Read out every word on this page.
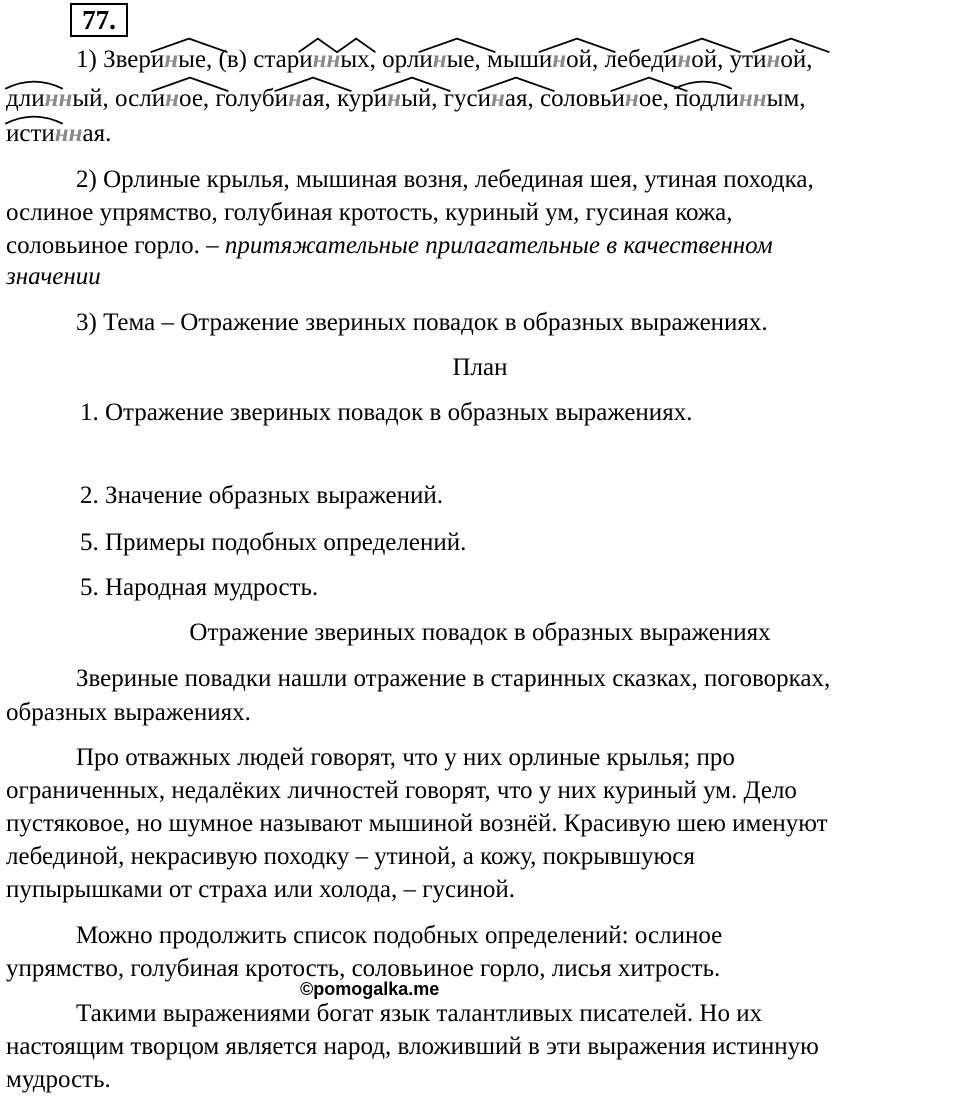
77.
1) Зверин
ые, (в) старинн
ых, орлин
ые, мышин
ой, лебедин
ой, утин
ой,
длинн
ый, ослин
ое, голубин
ая, курин
ый, гусин
ая, соловьин
ое, подлинн
ым,
истинн
ая.
2) Орлиные крылья, мышиная возня, лебединая шея, утиная походка,
ослиное упрямство, голубиная кротость, куриный ум, гусиная кожа,
соловьиное горло. – притяжательные прилагательные в качественном
значении
3) Тема – Отражение звериных повадок в образных выражениях.
План
1. Отражение звериных повадок в образных выражениях.
2. Значение образных выражений.
5. Примеры подобных определений.
5. Народная мудрость.
Отражение звериных повадок в образных выражениях
Звериные повадки нашли отражение в старинных сказках, поговорках,
образных выражениях.
Про отважных людей говорят, что у них орлиные крылья; про
ограниченных, недалёких личностей говорят, что у них куриный ум. Дело
пустяковое, но шумное называют мышиной вознёй. Красивую шею именуют
лебединой, некрасивую походку – утиной, а кожу, покрывшуюся
пупырышками от страха или холода, – гусиной.
Можно продолжить список подобных определений: ослиное
упрямство, голубиная кротость, соловьиное горло, лисья хитрость.
©pomogalka.me
Такими выражениями богат язык талантливых писателей. Но их
настоящим творцом является народ, вложивший в эти выражения истинную
мудрость.
